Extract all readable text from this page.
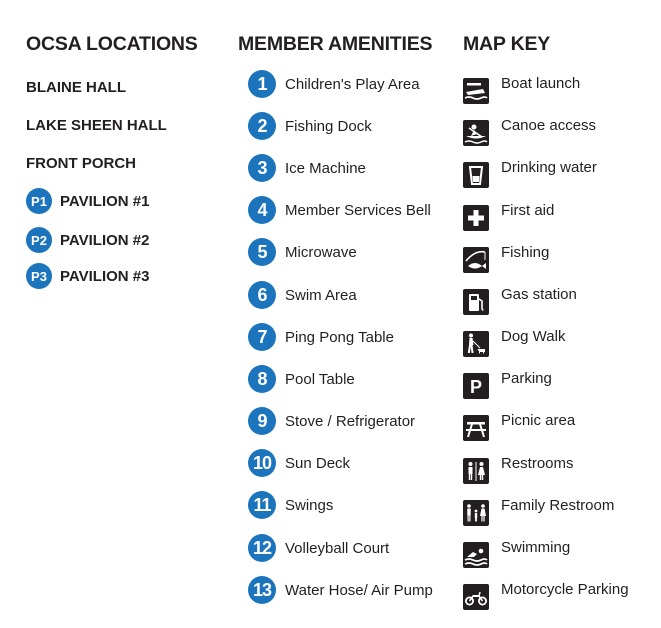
OCSA LOCATIONS
BLAINE HALL
LAKE SHEEN HALL
FRONT PORCH
P1 PAVILION #1
P2 PAVILION #2
P3 PAVILION #3
MEMBER AMENITIES
1	Children's Play Area
2	Fishing Dock
3	Ice Machine
4	Member Services Bell
5	Microwave
6	Swim Area
7	Ping Pong Table
8	Pool Table
9	Stove / Refrigerator
10 Sun Deck
11 Swings
12 Volleyball Court
13 Water Hose/ Air Pump
MAP KEY
Boat launch
Canoe access
Drinking water
First aid
Fishing
Gas station
Dog Walk
P Parking
Picnic area
Restrooms
Family Restroom
Swimming
Motorcycle Parking
